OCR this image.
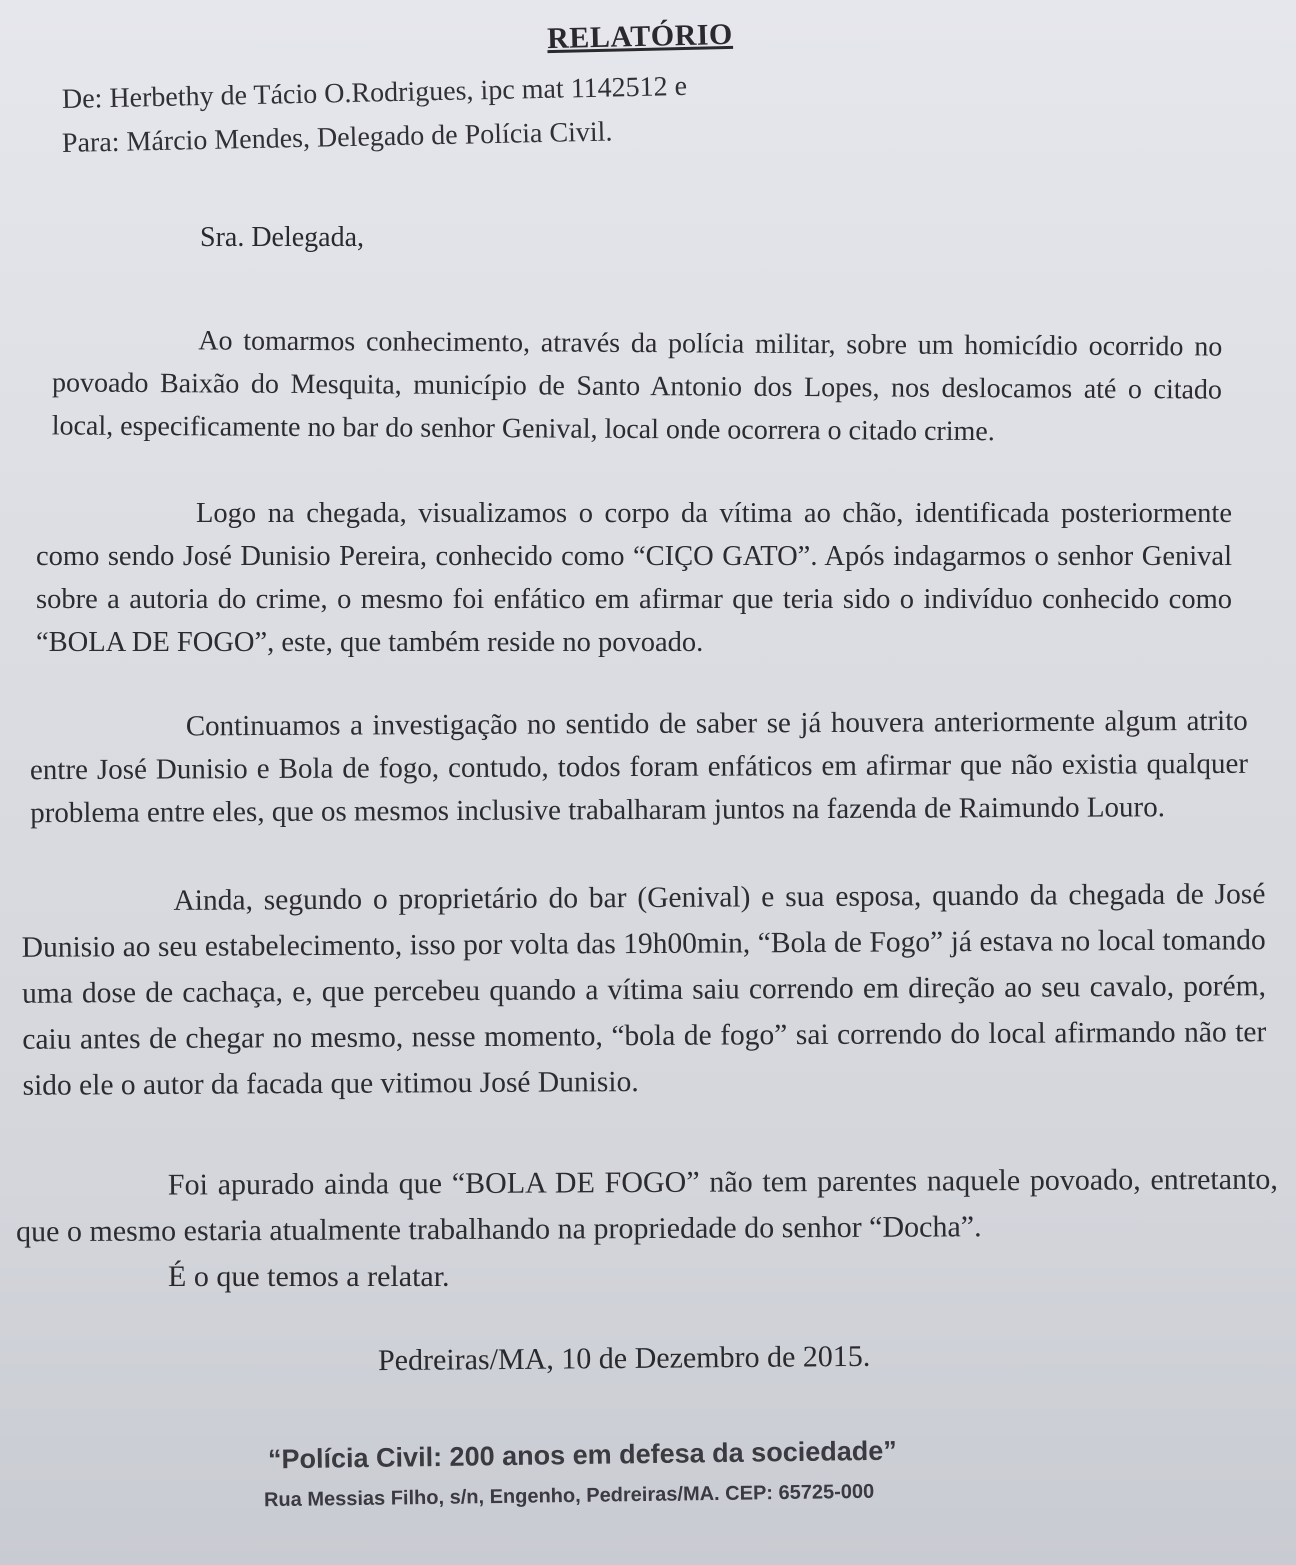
RELATÓRIO
De: Herbethy de Tácio O.Rodrigues, ipc mat 1142512 e
Para: Márcio Mendes, Delegado de Polícia Civil.
Sra. Delegada,

Ao tomarmos conhecimento, através da polícia militar, sobre um homicídio ocorrido no povoado Baixão do Mesquita, município de Santo Antonio dos Lopes, nos deslocamos até o citado local, especificamente no bar do senhor Genival, local onde ocorrera o citado crime.

Logo na chegada, visualizamos o corpo da vítima ao chão, identificada posteriormente como sendo José Dunisio Pereira, conhecido como “CIÇO GATO”. Após indagarmos o senhor Genival sobre a autoria do crime, o mesmo foi enfático em afirmar que teria sido o indivíduo conhecido como “BOLA DE FOGO”, este, que também reside no povoado.

Continuamos a investigação no sentido de saber se já houvera anteriormente algum atrito entre José Dunisio e Bola de fogo, contudo, todos foram enfáticos em afirmar que não existia qualquer problema entre eles, que os mesmos inclusive trabalharam juntos na fazenda de Raimundo Louro.

Ainda, segundo o proprietário do bar (Genival) e sua esposa, quando da chegada de José Dunisio ao seu estabelecimento, isso por volta das 19h00min, “Bola de Fogo” já estava no local tomando uma dose de cachaça, e, que percebeu quando a vítima saiu correndo em direção ao seu cavalo, porém, caiu antes de chegar no mesmo, nesse momento, “bola de fogo” sai correndo do local afirmando não ter sido ele o autor da facada que vitimou José Dunisio.

Foi apurado ainda que “BOLA DE FOGO” não tem parentes naquele povoado, entretanto, que o mesmo estaria atualmente trabalhando na propriedade do senhor “Docha”.

É o que temos a relatar.
Pedreiras/MA, 10 de Dezembro de 2015.
“Polícia Civil: 200 anos em defesa da sociedade”
Rua Messias Filho, s/n, Engenho, Pedreiras/MA. CEP: 65725-000
